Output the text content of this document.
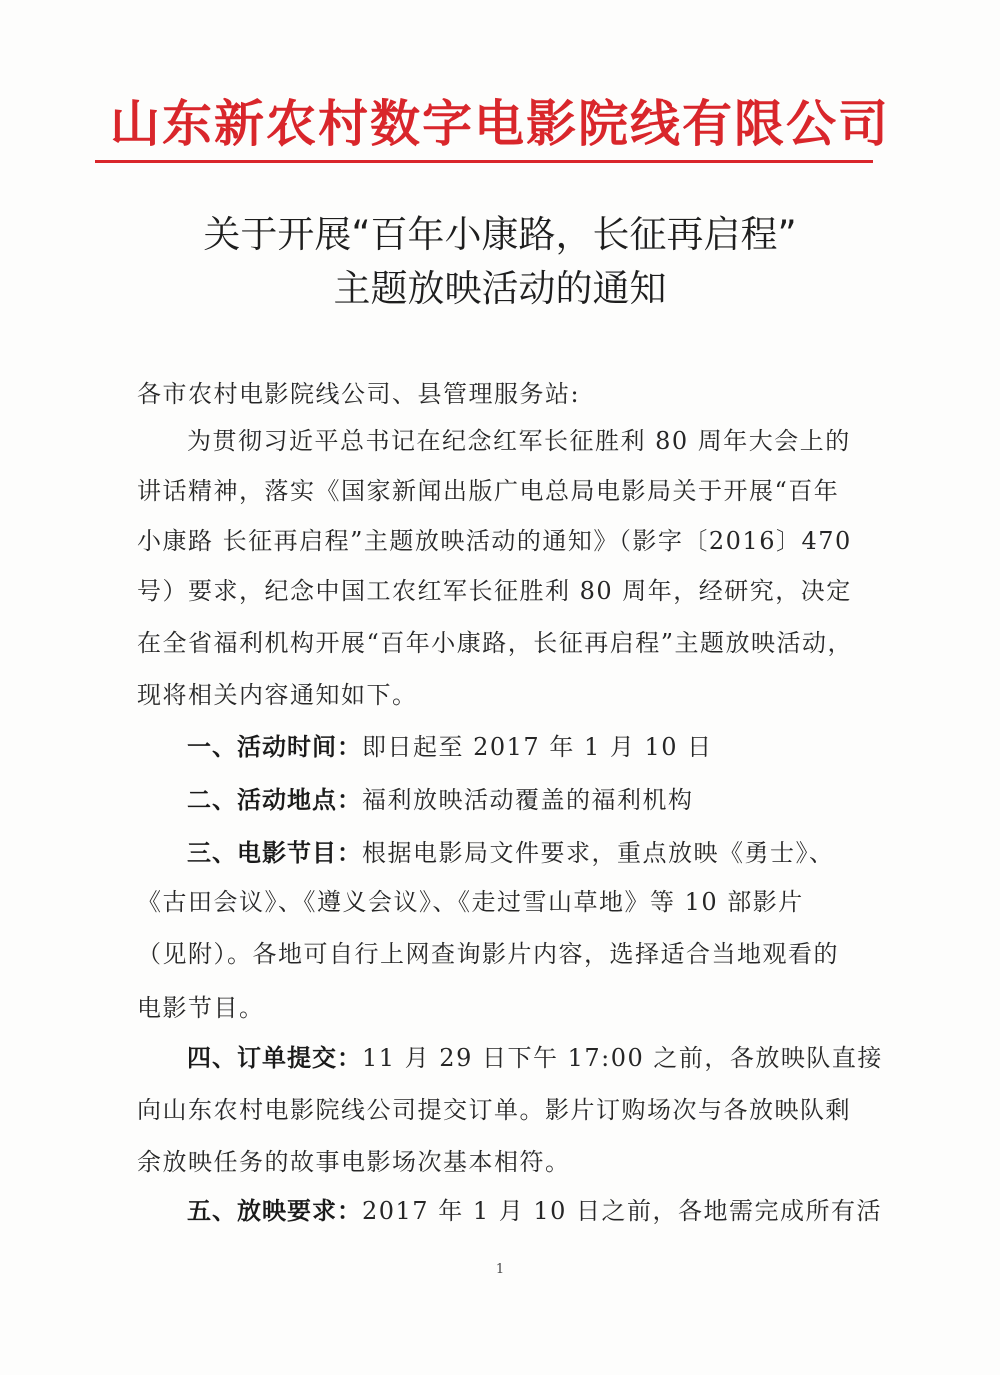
山东新农村数字电影院线有限公司
关于开展“百年小康路，长征再启程”
主题放映活动的通知
各市农村电影院线公司、县管理服务站:
为贯彻习近平总书记在纪念红军长征胜利 80 周年大会上的
讲话精神，落实《国家新闻出版广电总局电影局关于开展“百年
小康路 长征再启程”主题放映活动的通知》（影字〔2016〕470
号）要求，纪念中国工农红军长征胜利 80 周年，经研究，决定
在全省福利机构开展“百年小康路，长征再启程”主题放映活动，
现将相关内容通知如下。
一、活动时间：即日起至 2017 年 1 月 10 日
二、活动地点：福利放映活动覆盖的福利机构
三、电影节目：根据电影局文件要求，重点放映《勇士》、
《古田会议》、《遵义会议》、《走过雪山草地》等 10 部影片
（见附）。各地可自行上网查询影片内容，选择适合当地观看的
电影节目。
四、订单提交：11 月 29 日下午 17:00 之前，各放映队直接
向山东农村电影院线公司提交订单。影片订购场次与各放映队剩
余放映任务的故事电影场次基本相符。
五、放映要求：2017 年 1 月 10 日之前，各地需完成所有活
1
